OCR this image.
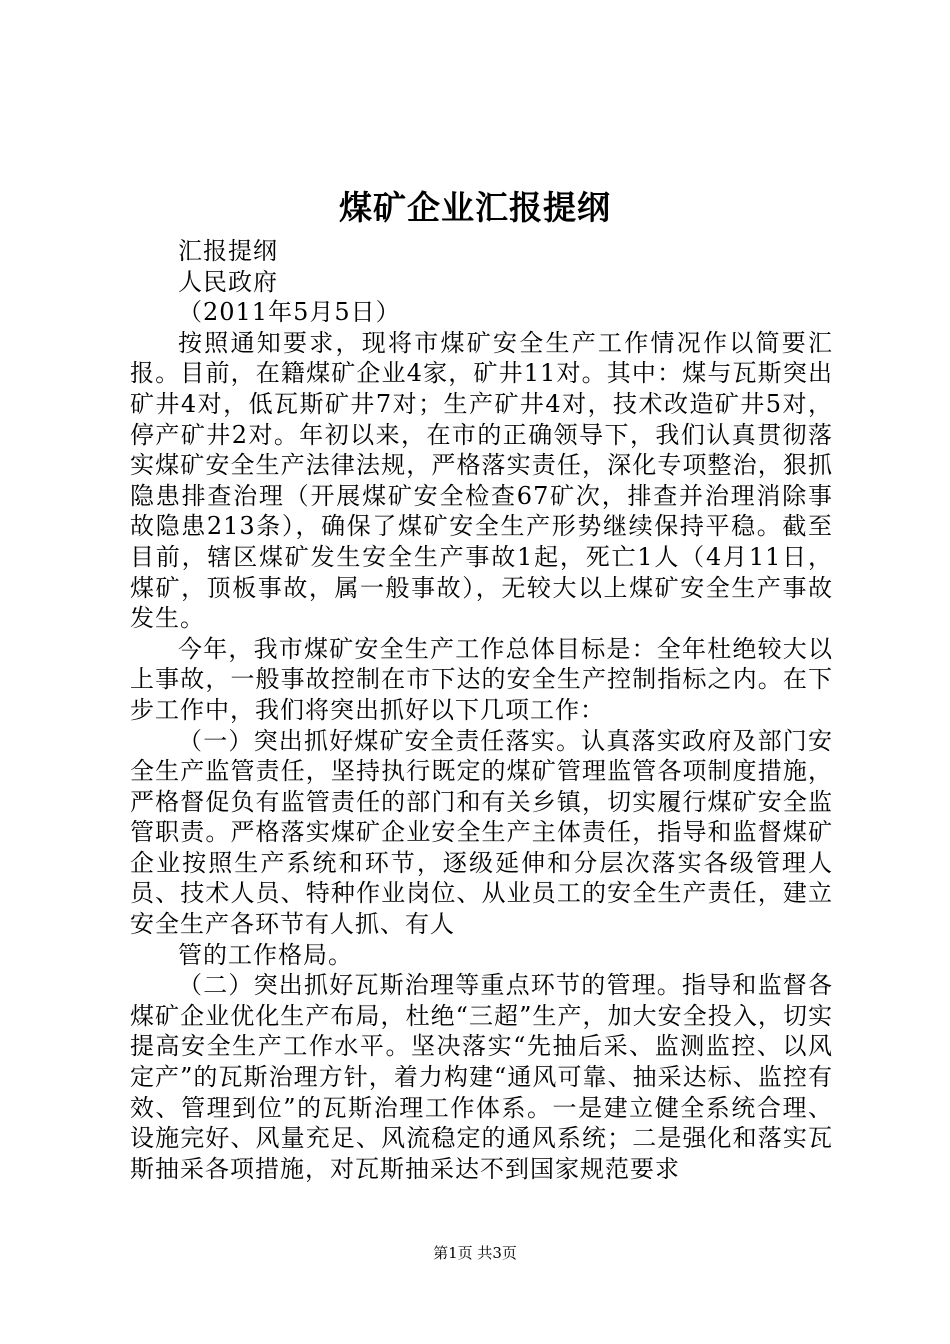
煤矿企业汇报提纲

汇报提纲

人民政府

（2011年5月5日）

按照通知要求，现将市煤矿安全生产工作情况作以简要汇报。目前，在籍煤矿企业4家，矿井11对。其中：煤与瓦斯突出矿井4对，低瓦斯矿井7对；生产矿井4对，技术改造矿井5对，停产矿井2对。年初以来，在市的正确领导下，我们认真贯彻落实煤矿安全生产法律法规，严格落实责任，深化专项整治，狠抓隐患排查治理（开展煤矿安全检查67矿次，排查并治理消除事故隐患213条），确保了煤矿安全生产形势继续保持平稳。截至目前，辖区煤矿发生安全生产事故1起，死亡1人（4月11日，煤矿，顶板事故，属一般事故），无较大以上煤矿安全生产事故发生。

今年，我市煤矿安全生产工作总体目标是：全年杜绝较大以上事故，一般事故控制在市下达的安全生产控制指标之内。在下步工作中，我们将突出抓好以下几项工作：

（一）突出抓好煤矿安全责任落实。认真落实政府及部门安全生产监管责任，坚持执行既定的煤矿管理监管各项制度措施，严格督促负有监管责任的部门和有关乡镇，切实履行煤矿安全监管职责。严格落实煤矿企业安全生产主体责任，指导和监督煤矿企业按照生产系统和环节，逐级延伸和分层次落实各级管理人员、技术人员、特种作业岗位、从业员工的安全生产责任，建立安全生产各环节有人抓、有人

管的工作格局。

（二）突出抓好瓦斯治理等重点环节的管理。指导和监督各煤矿企业优化生产布局，杜绝“三超”生产，加大安全投入，切实提高安全生产工作水平。坚决落实“先抽后采、监测监控、以风定产”的瓦斯治理方针，着力构建“通风可靠、抽采达标、监控有效、管理到位”的瓦斯治理工作体系。一是建立健全系统合理、设施完好、风量充足、风流稳定的通风系统；二是强化和落实瓦斯抽采各项措施，对瓦斯抽采达不到国家规范要求

第1页 共3页
